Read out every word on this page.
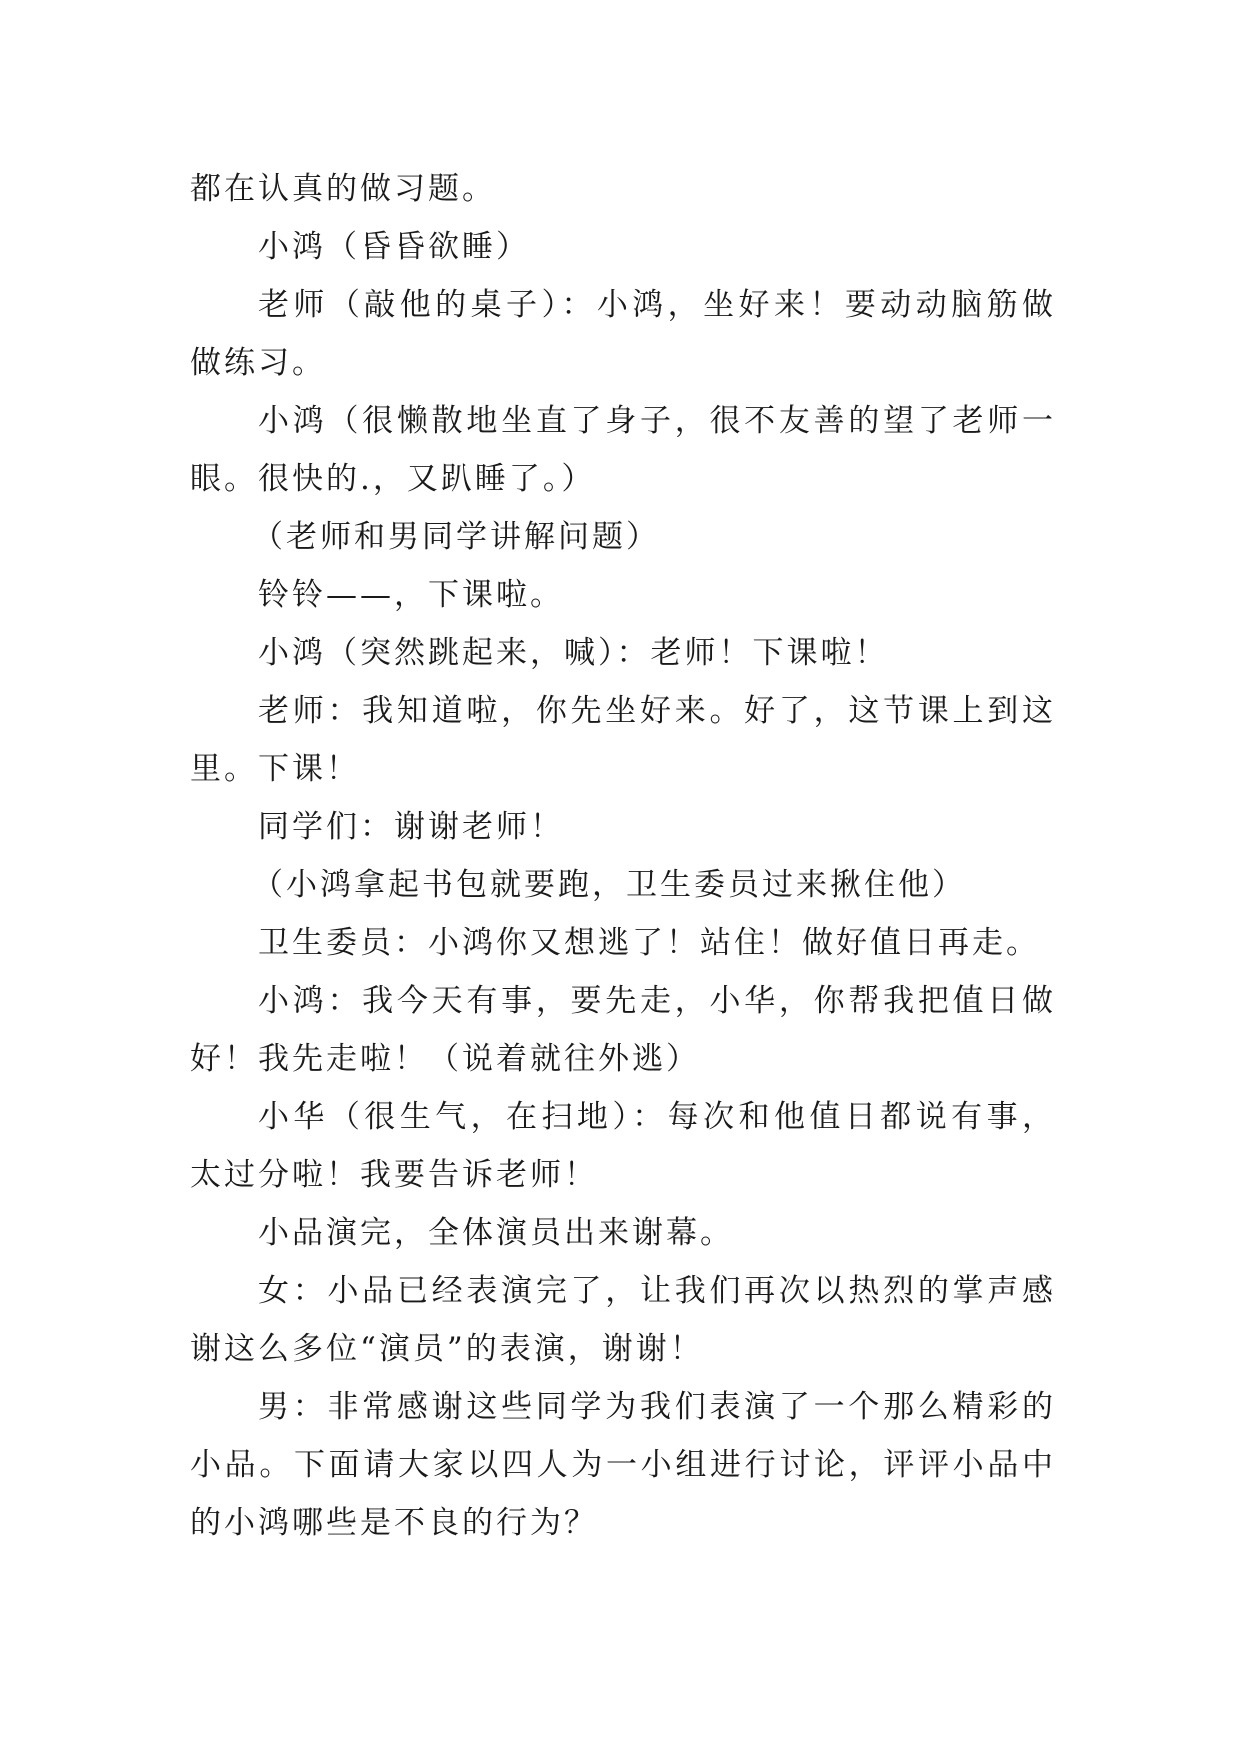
都在认真的做习题。

小鸿（昏昏欲睡）

老师（敲他的桌子）：小鸿，坐好来！要动动脑筋做做练习。

小鸿（很懒散地坐直了身子，很不友善的望了老师一眼。很快的.，又趴睡了。）

（老师和男同学讲解问题）

铃铃——，下课啦。

小鸿（突然跳起来，喊）：老师！下课啦！

老师：我知道啦，你先坐好来。好了，这节课上到这里。下课！

同学们：谢谢老师！

（小鸿拿起书包就要跑，卫生委员过来揪住他）

卫生委员：小鸿你又想逃了！站住！做好值日再走。

小鸿：我今天有事，要先走，小华，你帮我把值日做好！我先走啦！（说着就往外逃）

小华（很生气，在扫地）：每次和他值日都说有事，太过分啦！我要告诉老师！

小品演完，全体演员出来谢幕。

女：小品已经表演完了，让我们再次以热烈的掌声感谢这么多位“演员”的表演，谢谢！

男：非常感谢这些同学为我们表演了一个那么精彩的小品。下面请大家以四人为一小组进行讨论，评评小品中的小鸿哪些是不良的行为？
